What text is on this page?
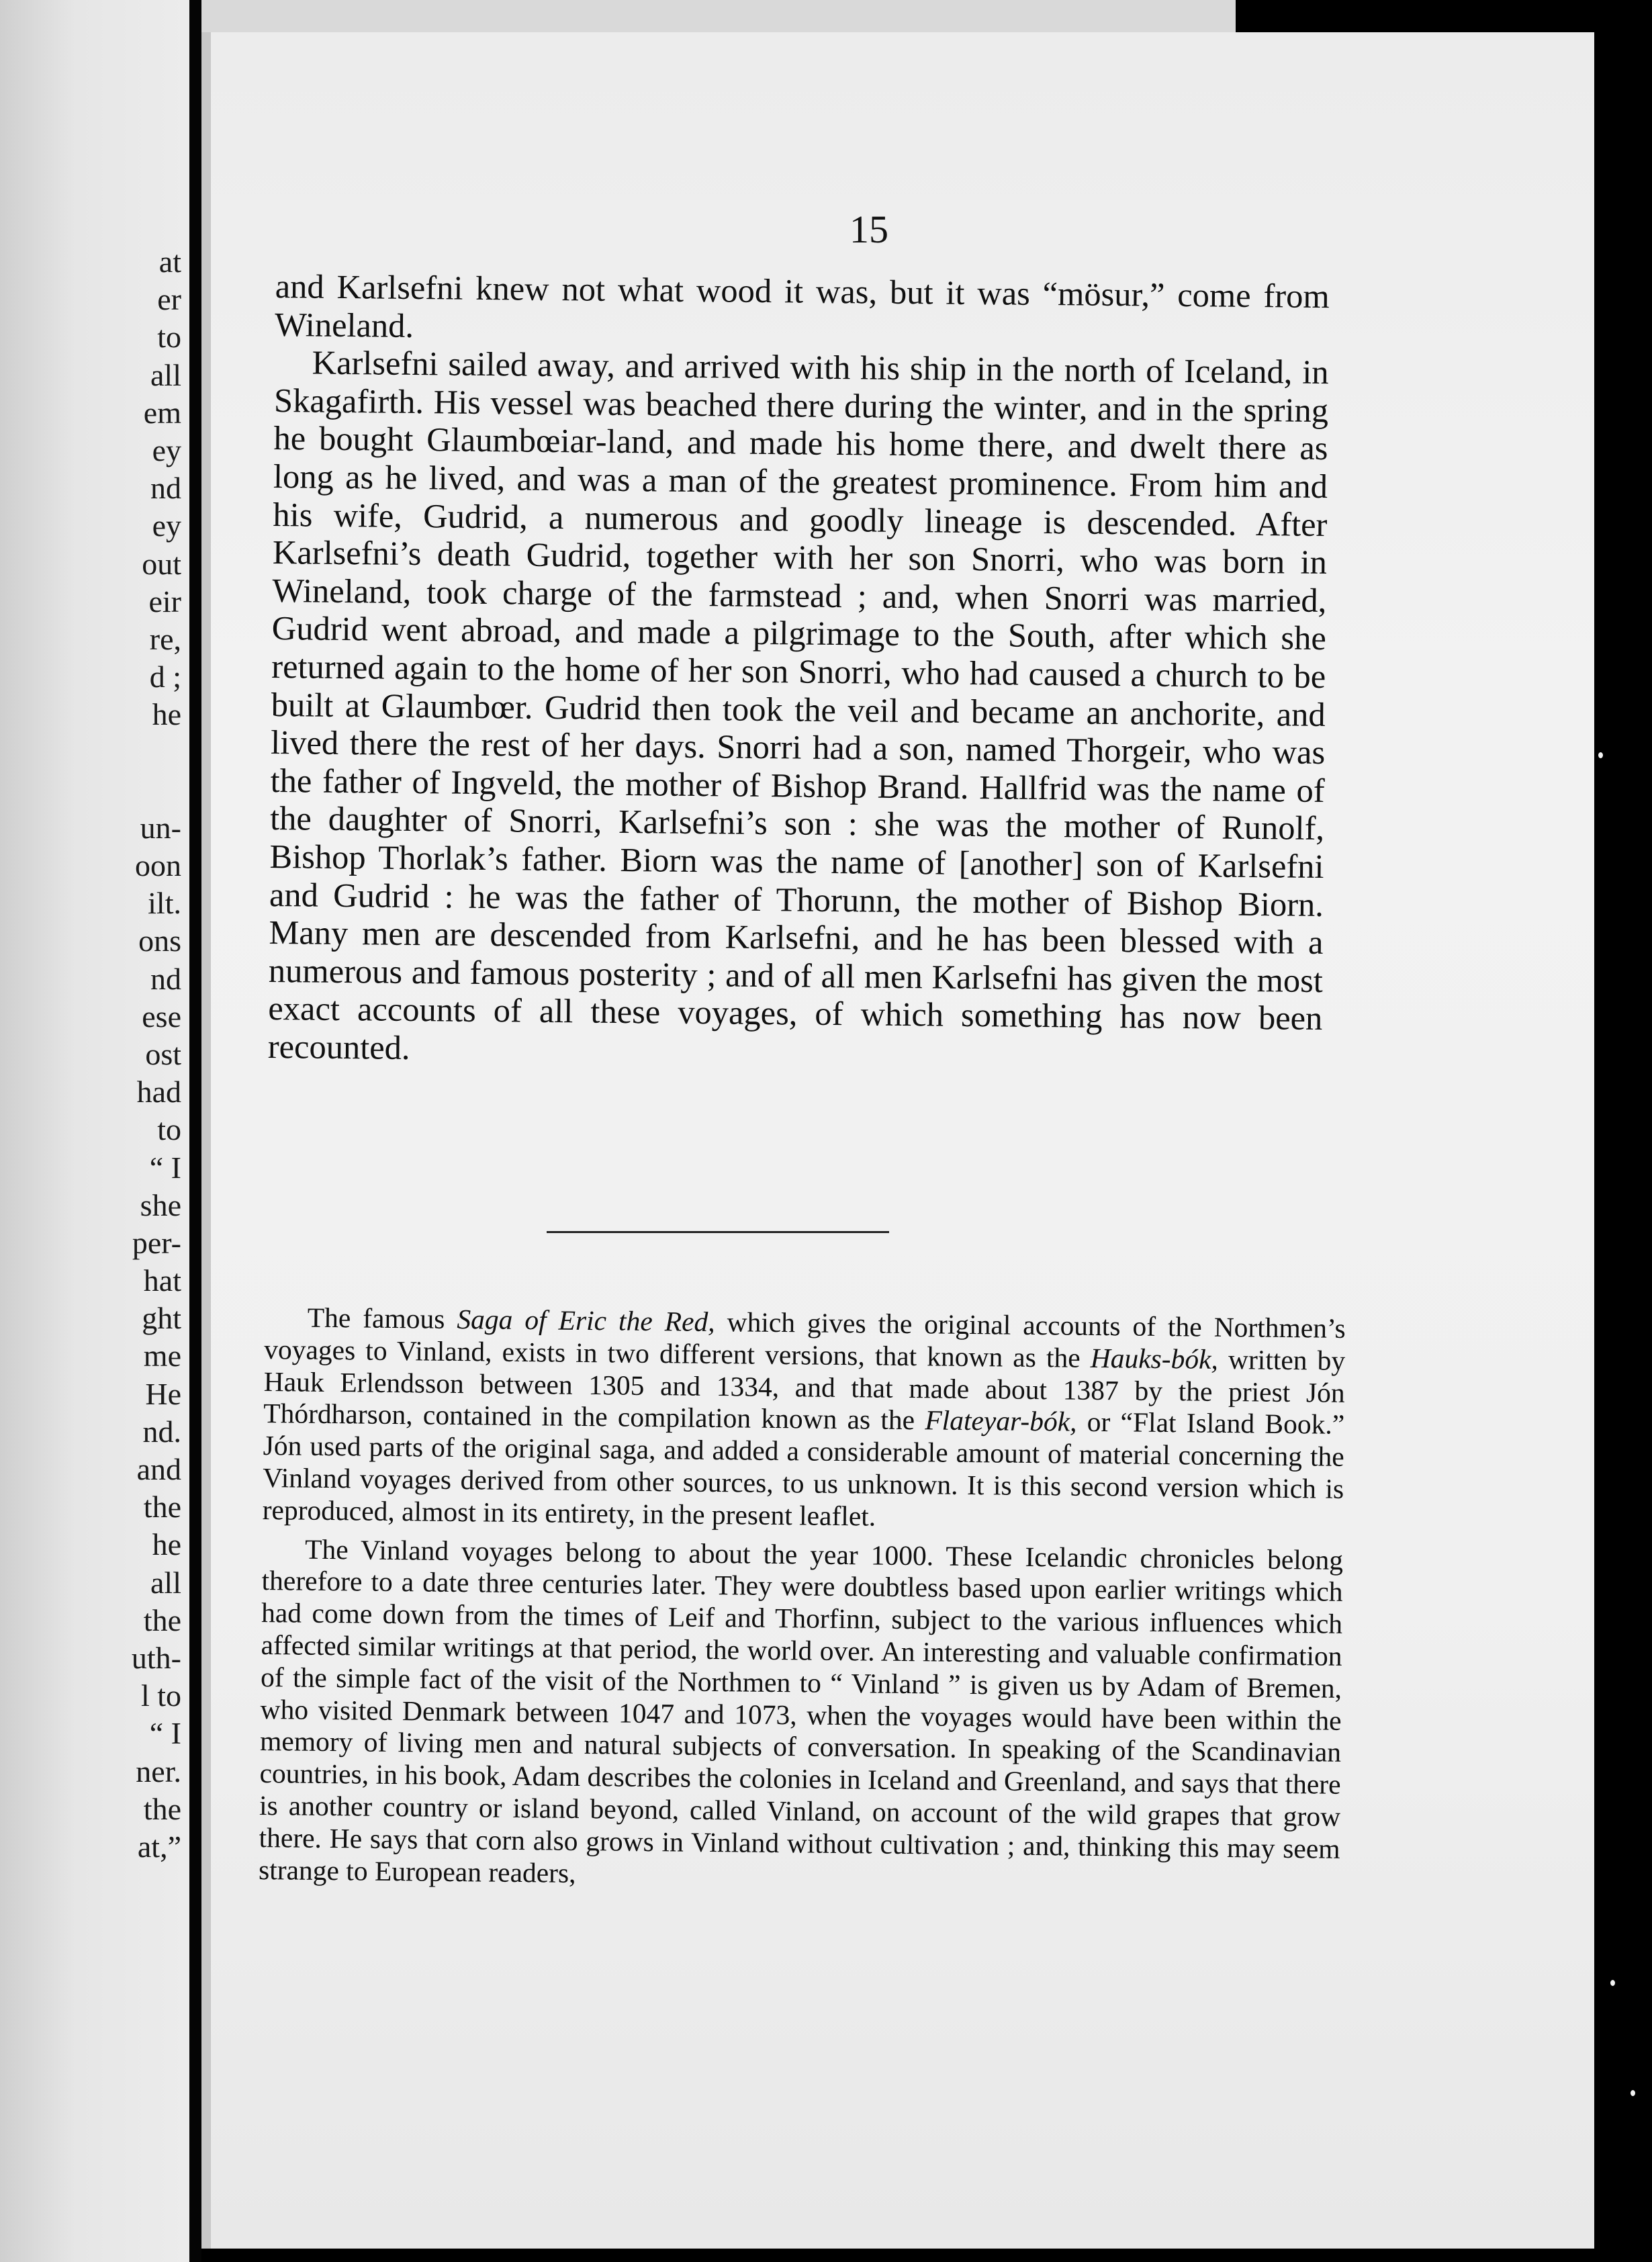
at
er
to
all
em
ey
nd
ey
out
eir
re,
d ;
he
un-
oon
ilt.
ons
nd
ese
ost
had
to
“ I
she
per-
hat
ght
me
He
nd.
and
the
he
all
the
uth-
l to
“ I
ner.
the
at,”
15

and Karlsefni knew not what wood it was, but it was “mösur,” come from Wineland.

Karlsefni sailed away, and arrived with his ship in the north of Iceland, in Skagafirth. His vessel was beached there during the winter, and in the spring he bought Glaumbœiar-land, and made his home there, and dwelt there as long as he lived, and was a man of the greatest prominence. From him and his wife, Gudrid, a numerous and goodly lineage is descended. After Karlsefni’s death Gudrid, together with her son Snorri, who was born in Wineland, took charge of the farmstead ; and, when Snorri was married, Gudrid went abroad, and made a pilgrimage to the South, after which she returned again to the home of her son Snorri, who had caused a church to be built at Glaumbœr. Gudrid then took the veil and became an anchorite, and lived there the rest of her days. Snorri had a son, named Thorgeir, who was the father of Ingveld, the mother of Bishop Brand. Hallfrid was the name of the daughter of Snorri, Karlsefni’s son : she was the mother of Runolf, Bishop Thorlak’s father. Biorn was the name of [another] son of Karlsefni and Gudrid : he was the father of Thorunn, the mother of Bishop Biorn. Many men are descended from Karlsefni, and he has been blessed with a numerous and famous posterity ; and of all men Karlsefni has given the most exact accounts of all these voyages, of which something has now been recounted.

The famous Saga of Eric the Red, which gives the original accounts of the Northmen’s voyages to Vinland, exists in two different versions, that known as the Hauks-bók, written by Hauk Erlendsson between 1305 and 1334, and that made about 1387 by the priest Jón Thórdharson, contained in the compilation known as the Flateyar-bók, or “Flat Island Book.” Jón used parts of the original saga, and added a considerable amount of material concerning the Vinland voyages derived from other sources, to us unknown. It is this second version which is reproduced, almost in its entirety, in the present leaflet.

The Vinland voyages belong to about the year 1000. These Icelandic chronicles belong therefore to a date three centuries later. They were doubtless based upon earlier writings which had come down from the times of Leif and Thorfinn, subject to the various influences which affected similar writings at that period, the world over. An interesting and valuable confirmation of the simple fact of the visit of the Northmen to “ Vinland ” is given us by Adam of Bremen, who visited Denmark between 1047 and 1073, when the voyages would have been within the memory of living men and natural subjects of conversation. In speaking of the Scandinavian countries, in his book, Adam describes the colonies in Iceland and Greenland, and says that there is another country or island beyond, called Vinland, on account of the wild grapes that grow there. He says that corn also grows in Vinland without cultivation ; and, thinking this may seem strange to European readers,
